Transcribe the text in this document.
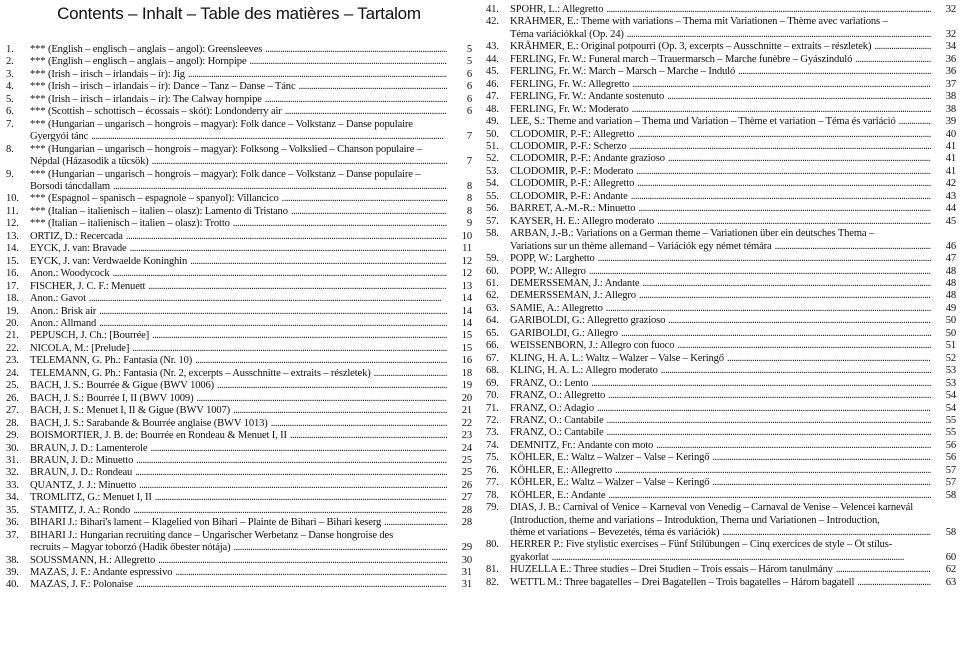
Contents – Inhalt – Table des matières – Tartalom
1.	*** (English – englisch – anglais – angol): Greensleeves . . .	5
2.	*** (English – englisch – anglais – angol): Hornpipe . . .	5
3.	*** (Irish – irisch – irlandais – ír): Jig . . .	6
4.	*** (Irish – irisch – irlandais – ír): Dance – Tanz – Danse – Tánc . . .	6
5.	*** (Irish – irisch – irlandais – ír): The Calway hornpipe . . .	6
6.	*** (Scottish – schottisch – écossais – skót): Londonderry air . . .	6
7.	*** (Hungarian – ungarisch – hongrois – magyar): Folk dance – Volkstanz – Danse populaire
Gyergyói tánc . . .	7
8.	*** (Hungarian – ungarisch – hongrois – magyar): Folksong – Volkslied – Chanson populaire –
Népdal (Házasodik a tücsök) . . .	7
9.	*** (Hungarian – ungarisch – hongrois – magyar): Folk dance – Volkstanz – Danse populaire –
Borsodi táncdallam . . .	8
10.	*** (Espagnol – spanisch – espagnole – spanyol): Villancico . . .	8
11.	*** (Italian – italienisch – italien – olasz): Lamento di Tristano . . .	8
12.	*** (Italian – italienisch – italien – olasz): Trotto . . .	9
13.	ORTIZ, D.: Recercada . . .	10
14.	EYCK, J. van: Bravade . . .	11
15.	EYCK, J. van: Verdwaelde Koninghin . . .	12
16.	Anon.: Woodycock . . .	12
17.	FISCHER, J. C. F.: Menuett . . .	13
18.	Anon.: Gavot . . .	14
19.	Anon.: Brisk air . . .	14
20.	Anon.: Allmand . . .	14
21.	PEPUSCH, J. Ch.: [Bourrée] . . .	15
22.	NICOLA, M.: [Prelude] . . .	15
23.	TELEMANN, G. Ph.: Fantasia (Nr. 10) . . .	16
24.	TELEMANN, G. Ph.: Fantasia (Nr. 2, excerpts – Ausschnitte – extraits – részletek) . . .	18
25.	BACH, J. S.: Bourrée & Gigue (BWV 1006) . . .	19
26.	BACH, J. S.: Bourrée I, II (BWV 1009) . . .	20
27.	BACH, J. S.: Menuet I, II & Gigue (BWV 1007) . . .	21
28.	BACH, J. S.: Sarabande & Bourrée anglaise (BWV 1013) . . .	22
29.	BOISMORTIER, J. B. de: Bourrée en Rondeau & Menuet I, II . . .	23
30.	BRAUN, J. D.: Lamenterole . . .	24
31.	BRAUN, J. D.: Minuetto . . .	25
32.	BRAUN, J. D.: Rondeau . . .	25
33.	QUANTZ, J. J.: Minuetto . . .	26
34.	TROMLITZ, G.: Menuet I, II . . .	27
35.	STAMITZ, J. A.: Rondo . . .	28
36.	BIHARI J.: Bihari's lament – Klagelied von Bihari – Plainte de Bihari – Bihari keserg . . .	28
37.	BIHARI J.: Hungarian recruiting dance – Ungarischer Werbetanz – Danse hongroise des
recruits – Magyar toborzó (Hadik őbester nótája) . . .	29
38.	SOUSSMANN, H.: Allegretto . . .	30
39.	MAZAS, J. F.: Andante espressivo . . .	31
40.	MAZAS, J. F.: Polonaise . . .	31
41.	SPOHR, L.: Allegretto . . .	32
42.	KRÄHMER, E.: Theme with variations – Thema mit Variationen – Thème avec variations –
Téma variációkkal (Op. 24) . . .	32
43.	KRÄHMER, E.: Original potpourri (Op. 3, excerpts – Ausschnitte – extraits – részletek) . . .	34
44.	FERLING, Fr. W.: Funeral march – Trauermarsch – Marche funèbre – Gyászinduló . . .	36
45.	FERLING, Fr. W.: March – Marsch – Marche – Induló . . .	36
46.	FERLING, Fr. W.: Allegretto . . .	37
47.	FERLING, Fr. W.: Andante sostenuto . . .	38
48.	FERLING, Fr. W.: Moderato . . .	38
49.	LEE, S.: Theme and variation – Thema und Variation – Thème et variation – Téma és variáció . . .	39
50.	CLODOMIR, P.-F.: Allegretto . . .	40
51.	CLODOMIR, P.-F.: Scherzo . . .	41
52.	CLODOMIR, P.-F.: Andante grazioso . . .	41
53.	CLODOMIR, P.-F.: Moderato . . .	41
54.	CLODOMIR, P.-F.: Allegretto . . .	42
55.	CLODOMIR, P.-F.: Andante . . .	43
56.	BARRET, A.-M.-R.: Minuetto . . .	44
57.	KAYSER, H. E.: Allegro moderato . . .	45
58.	ARBAN, J.-B.: Variations on a German theme – Variationen über ein deutsches Thema –
Variations sur un thème allemand – Variációk egy német témára . . .	46
59.	POPP, W.: Larghetto . . .	47
60.	POPP, W.: Allegro . . .	48
61.	DEMERSSEMAN, J.: Andante . . .	48
62.	DEMERSSEMAN, J.: Allegro . . .	48
63.	SAMIE, A.: Allegretto . . .	49
64.	GARIBOLDI, G.: Allegretto grazioso . . .	50
65.	GARIBOLDI, G.: Allegro . . .	50
66.	WEISSENBORN, J.: Allegro con fuoco . . .	51
67.	KLING, H. A. L.: Waltz – Walzer – Valse – Keringő . . .	52
68.	KLING, H. A. L.: Allegro moderato . . .	53
69.	FRANZ, O.: Lento . . .	53
70.	FRANZ, O.: Allegretto . . .	54
71.	FRANZ, O.: Adagio . . .	54
72.	FRANZ, O.: Cantabile . . .	55
73.	FRANZ, O.: Cantabile . . .	55
74.	DEMNITZ, Fr.: Andante con moto . . .	56
75.	KÖHLER, E.: Waltz – Walzer – Valse – Keringő . . .	56
76.	KÖHLER, E.: Allegretto . . .	57
77.	KÖHLER, E.: Waltz – Walzer – Valse – Keringő . . .	57
78.	KÖHLER, E.: Andante . . .	58
79.	DIAS, J. B.: Carnival of Venice – Karneval von Venedig – Carnaval de Venise – Velencei karnevál
(Introduction, theme and variations – Introduktion, Thema und Variationen – Introduction,
thème et variations – Bevezetés, téma és variációk) . . .	58
80.	HERRER P.: Five stylistic exercises – Fünf Stilübungen – Cinq exercices de style – Öt stílus-
gyakorlat . . .	60
81.	HUZELLA E.: Three studies – Drei Studien – Trois essais – Három tanulmány . . .	62
82.	WETTL M.: Three bagatelles – Drei Bagatellen – Trois bagatelles – Három bagatell . . .	63
